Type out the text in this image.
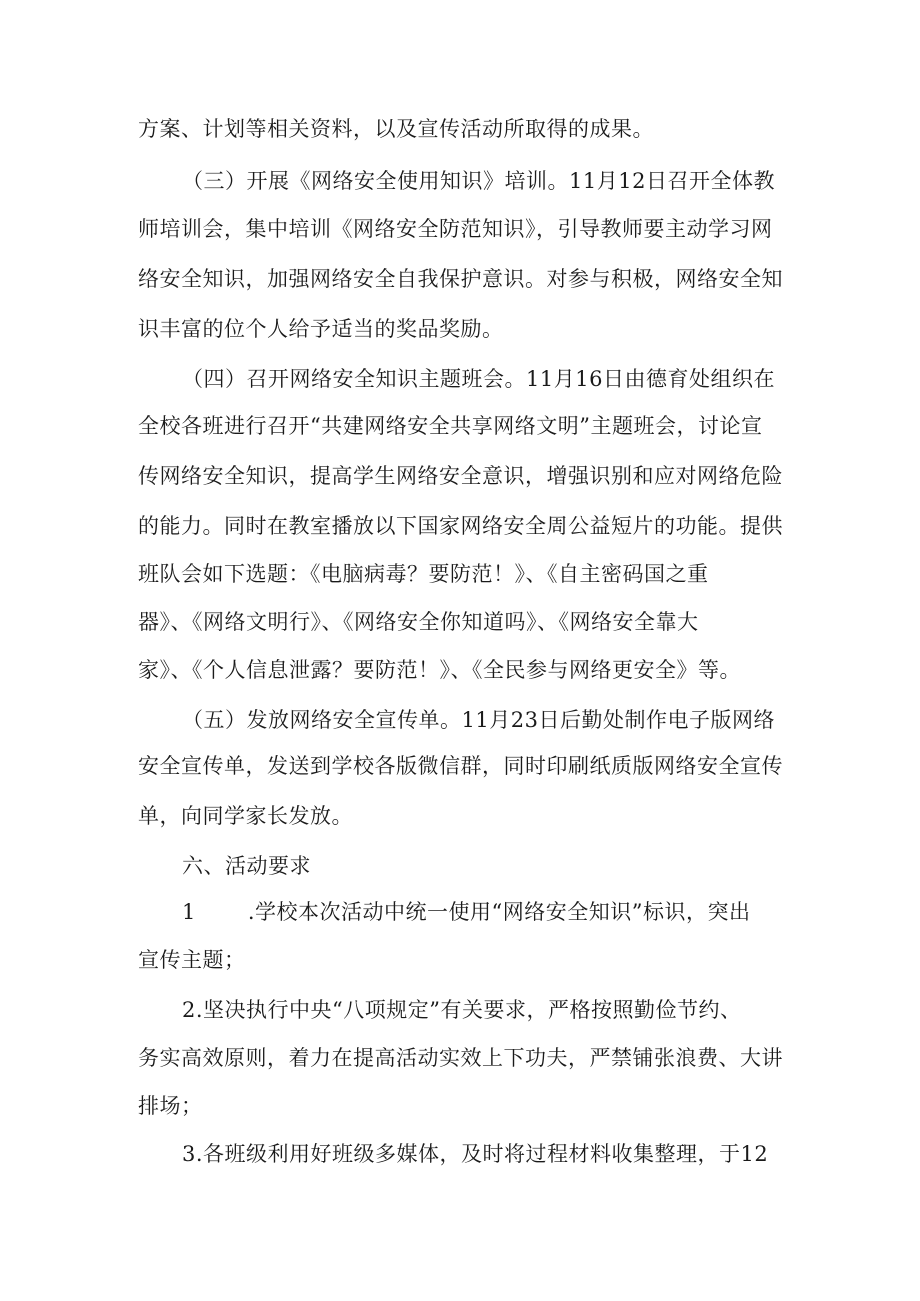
方案、计划等相关资料，以及宣传活动所取得的成果。

（三）开展《网络安全使用知识》培训。11月12日召开全体教

师培训会，集中培训《网络安全防范知识》，引导教师要主动学习网

络安全知识，加强网络安全自我保护意识。对参与积极，网络安全知

识丰富的位个人给予适当的奖品奖励。

（四）召开网络安全知识主题班会。11月16日由德育处组织在

全校各班进行召开“共建网络安全共享网络文明”主题班会，讨论宣

传网络安全知识，提高学生网络安全意识，增强识别和应对网络危险

的能力。同时在教室播放以下国家网络安全周公益短片的功能。提供

班队会如下选题：《电脑病毒？要防范！》、《自主密码国之重

器》、《网络文明行》、《网络安全你知道吗》、《网络安全靠大

家》、《个人信息泄露？要防范！》、《全民参与网络更安全》等。

（五）发放网络安全宣传单。11月23日后勤处制作电子版网络

安全宣传单，发送到学校各版微信群，同时印刷纸质版网络安全宣传

单，向同学家长发放。

六、活动要求

1 .学校本次活动中统一使用“网络安全知识”标识，突出

宣传主题；

2.坚决执行中央“八项规定”有关要求，严格按照勤俭节约、

务实高效原则，着力在提高活动实效上下功夫，严禁铺张浪费、大讲

排场；

3.各班级利用好班级多媒体，及时将过程材料收集整理，于12
